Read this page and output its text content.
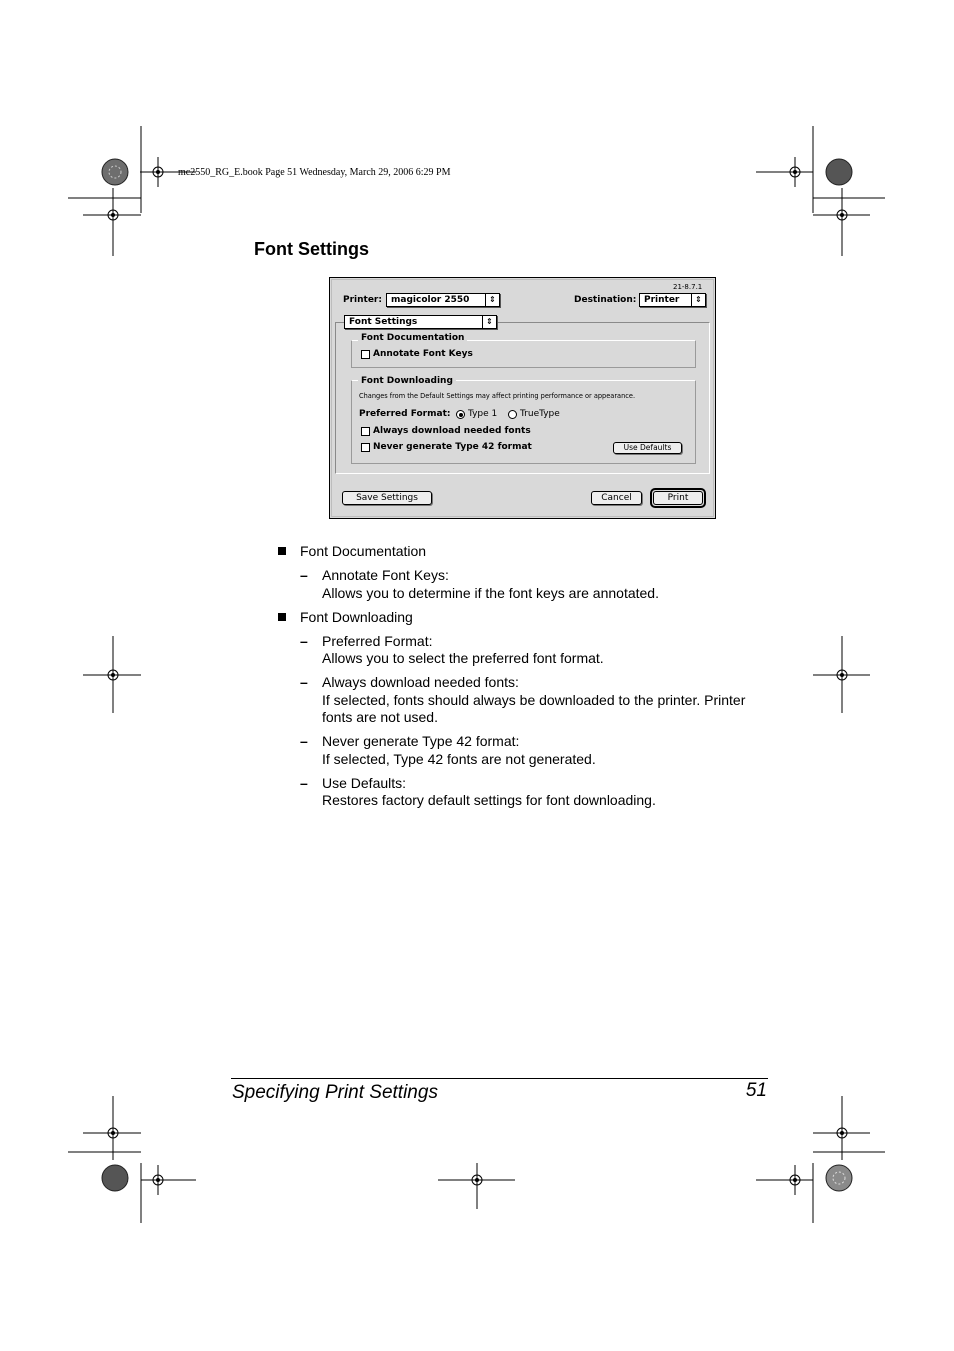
mc2550_RG_E.book Page 51 Wednesday, March 29, 2006 6:29 PM
Font Settings
21-8.7.1
Printer:	magicolor 2550	⇕	Destination: Printer	⇕
Font Settings	⇕
Font Documentation
Annotate Font Keys
Font Downloading
Changes from the Default Settings may affect printing performance or appearance.
Preferred Format: Type 1	TrueType
Always download needed fonts
Never generate Type 42 format	Use Defaults
Save Settings	Cancel	Print
Font Documentation
– Annotate Font Keys:
Allows you to determine if the font keys are annotated.
Font Downloading
– Preferred Format:
Allows you to select the preferred font format.
– Always download needed fonts:
If selected, fonts should always be downloaded to the printer. Printer fonts are not used.
– Never generate Type 42 format:
If selected, Type 42 fonts are not generated.
– Use Defaults:
Restores factory default settings for font downloading.
Specifying Print Settings	51
